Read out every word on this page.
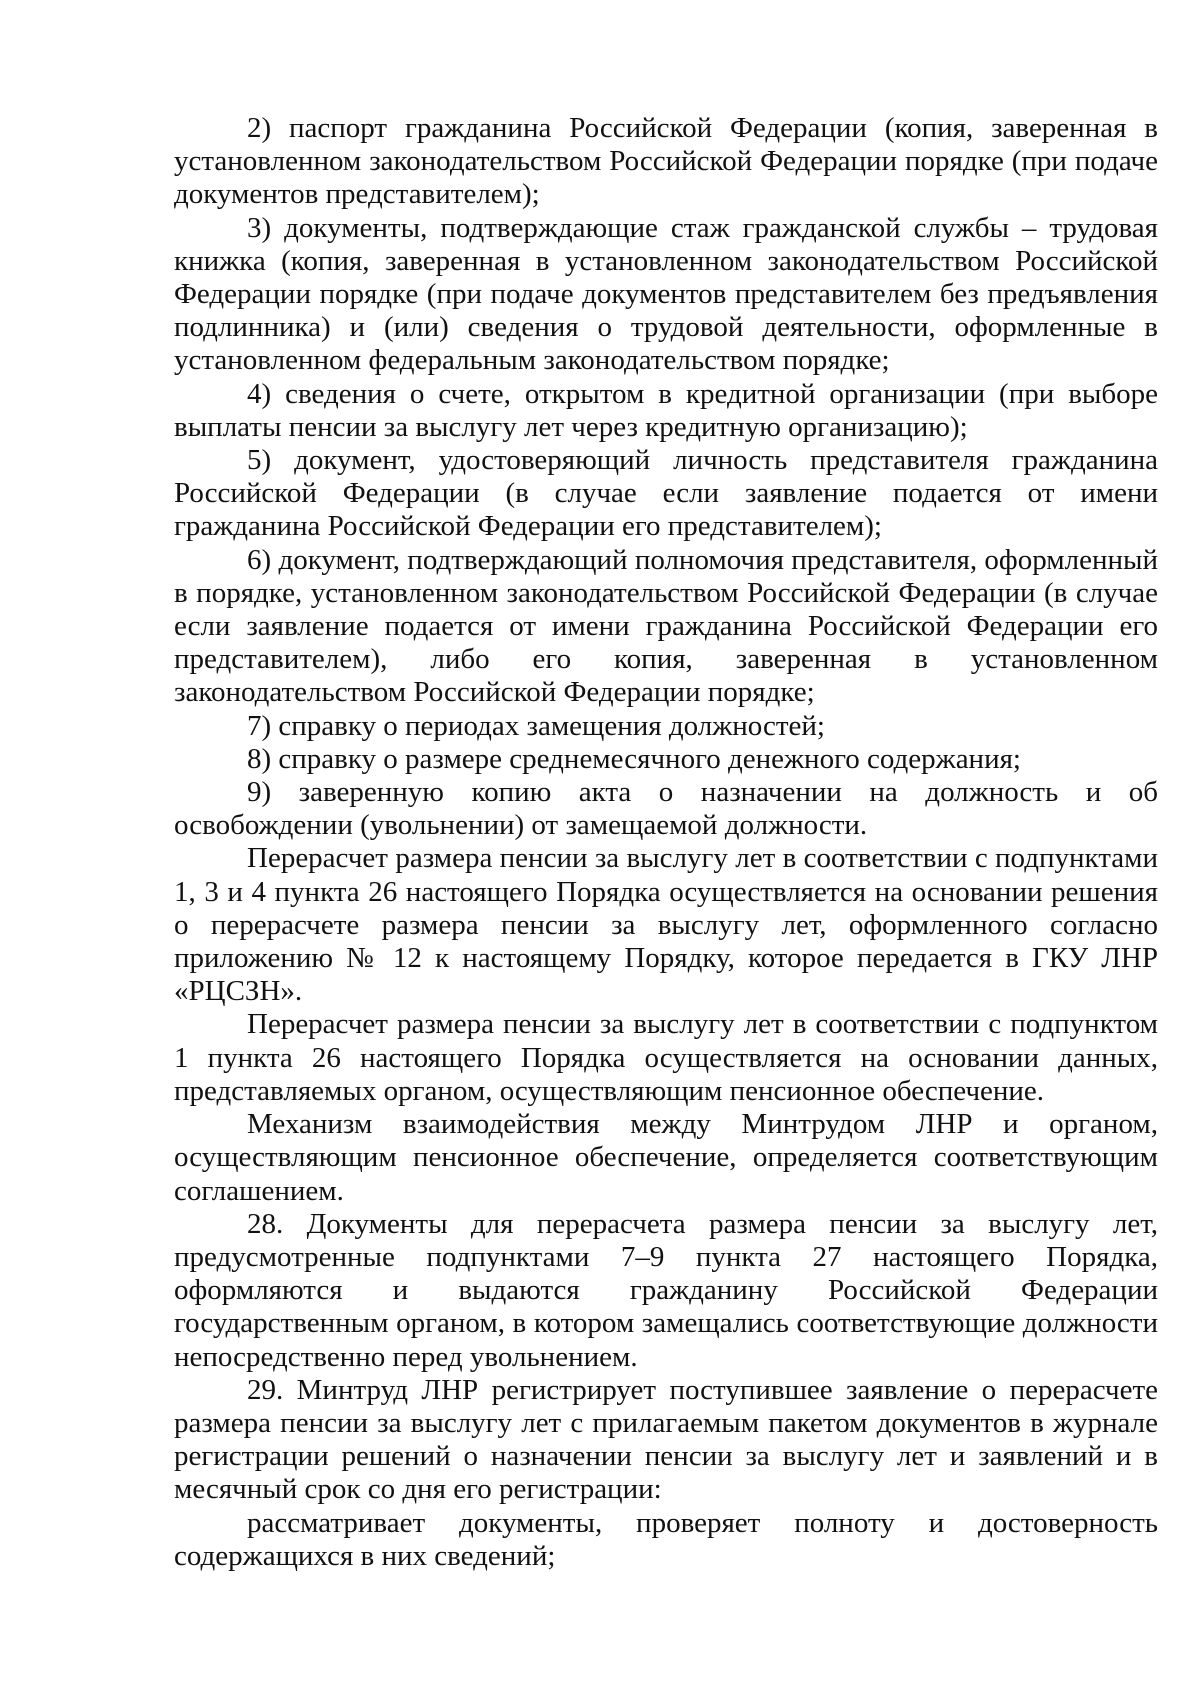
2) паспорт гражданина Российской Федерации (копия, заверенная в установленном законодательством Российской Федерации порядке (при подаче документов представителем);

3) документы, подтверждающие стаж гражданской службы – трудовая книжка (копия, заверенная в установленном законодательством Российской Федерации порядке (при подаче документов представителем без предъявления подлинника) и (или) сведения о трудовой деятельности, оформленные в установленном федеральным законодательством порядке;

4) сведения о счете, открытом в кредитной организации (при выборе выплаты пенсии за выслугу лет через кредитную организацию);

5) документ, удостоверяющий личность представителя гражданина Российской Федерации (в случае если заявление подается от имени гражданина Российской Федерации его представителем);

6) документ, подтверждающий полномочия представителя, оформленный в порядке, установленном законодательством Российской Федерации (в случае если заявление подается от имени гражданина Российской Федерации его представителем), либо его копия, заверенная в установленном законодательством Российской Федерации порядке;

7) справку о периодах замещения должностей;

8) справку о размере среднемесячного денежного содержания;

9) заверенную копию акта о назначении на должность и об освобождении (увольнении) от замещаемой должности.

Перерасчет размера пенсии за выслугу лет в соответствии с подпунктами 1, 3 и 4 пункта 26 настоящего Порядка осуществляется на основании решения о перерасчете размера пенсии за выслугу лет, оформленного согласно приложению № 12 к настоящему Порядку, которое передается в ГКУ ЛНР «РЦСЗН».

Перерасчет размера пенсии за выслугу лет в соответствии с подпунктом 1 пункта 26 настоящего Порядка осуществляется на основании данных, представляемых органом, осуществляющим пенсионное обеспечение.

Механизм взаимодействия между Минтрудом ЛНР и органом, осуществляющим пенсионное обеспечение, определяется соответствующим соглашением.

28. Документы для перерасчета размера пенсии за выслугу лет, предусмотренные подпунктами 7–9 пункта 27 настоящего Порядка, оформляются и выдаются гражданину Российской Федерации государственным органом, в котором замещались соответствующие должности непосредственно перед увольнением.

29. Минтруд ЛНР регистрирует поступившее заявление о перерасчете размера пенсии за выслугу лет с прилагаемым пакетом документов в журнале регистрации решений о назначении пенсии за выслугу лет и заявлений и в месячный срок со дня его регистрации:

рассматривает документы, проверяет полноту и достоверность содержащихся в них сведений;
